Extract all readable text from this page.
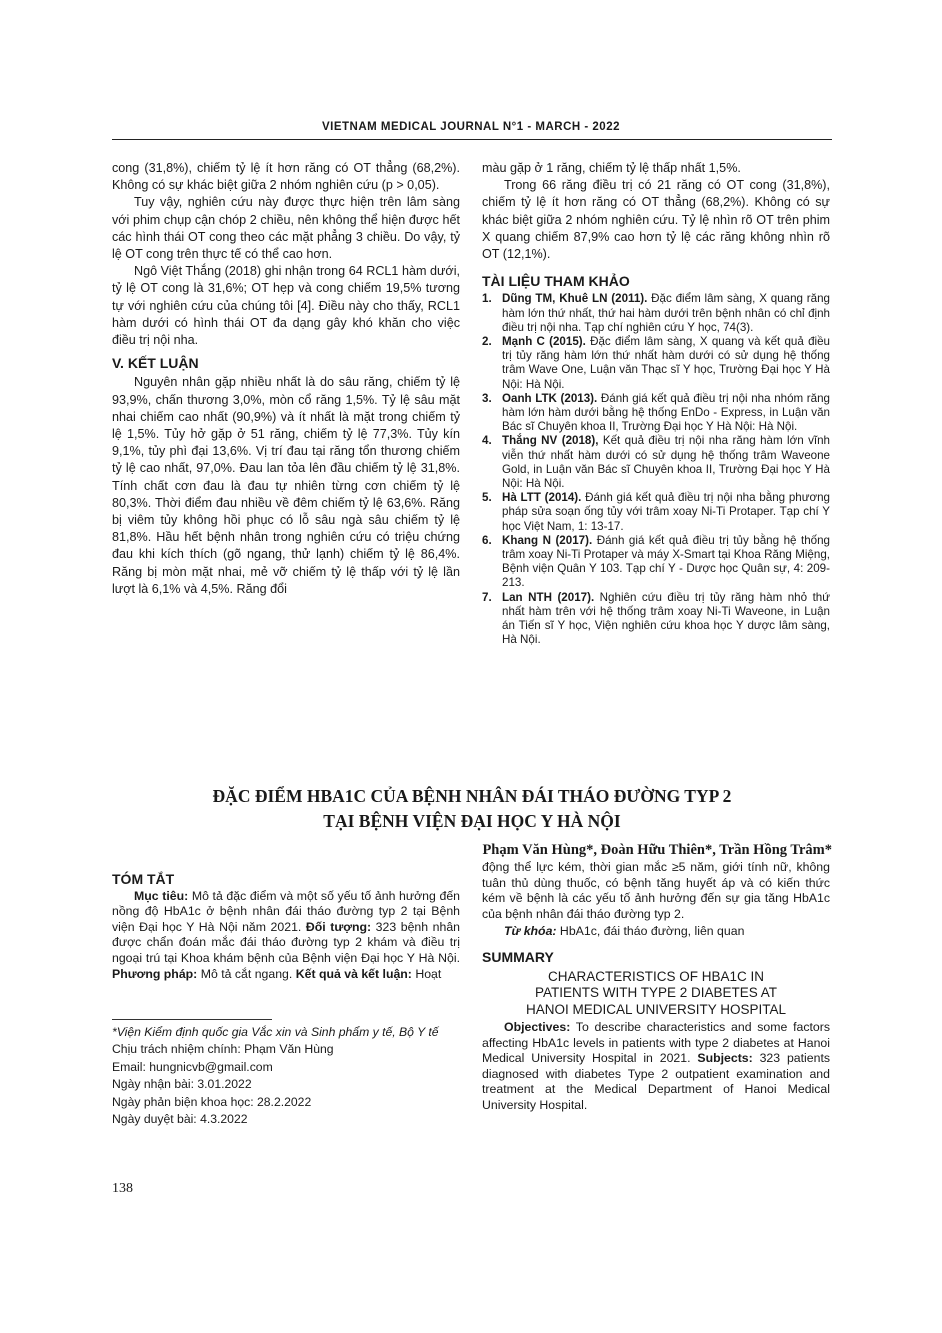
VIETNAM MEDICAL JOURNAL N°1 - MARCH - 2022

cong (31,8%), chiếm tỷ lệ ít hơn răng có OT thẳng (68,2%). Không có sự khác biệt giữa 2 nhóm nghiên cứu (p > 0,05).

Tuy vậy, nghiên cứu này được thực hiện trên lâm sàng với phim chụp cận chóp 2 chiều, nên không thể hiện được hết các hình thái OT cong theo các mặt phẳng 3 chiều. Do vậy, tỷ lệ OT cong trên thực tế có thể cao hơn.

Ngô Việt Thắng (2018) ghi nhận trong 64 RCL1 hàm dưới, tỷ lệ OT cong là 31,6%; OT hẹp và cong chiếm 19,5% tương tự với nghiên cứu của chúng tôi [4]. Điều này cho thấy, RCL1 hàm dưới có hình thái OT đa dạng gây khó khăn cho việc điều trị nội nha.

V. KẾT LUẬN

Nguyên nhân gặp nhiều nhất là do sâu răng, chiếm tỷ lệ 93,9%, chấn thương 3,0%, mòn cổ răng 1,5%. Tỷ lệ sâu mặt nhai chiếm cao nhất (90,9%) và ít nhất là mặt trong chiếm tỷ lệ 1,5%. Tủy hở gặp ở 51 răng, chiếm tỷ lệ 77,3%. Tủy kín 9,1%, tủy phì đại 13,6%. Vị trí đau tại răng tổn thương chiếm tỷ lệ cao nhất, 97,0%. Đau lan tỏa lên đầu chiếm tỷ lệ 31,8%. Tính chất cơn đau là đau tự nhiên từng cơn chiếm tỷ lệ 80,3%. Thời điểm đau nhiều về đêm chiếm tỷ lệ 63,6%. Răng bị viêm tủy không hồi phục có lỗ sâu ngà sâu chiếm tỷ lệ 81,8%. Hầu hết bệnh nhân trong nghiên cứu có triệu chứng đau khi kích thích (gõ ngang, thử lạnh) chiếm tỷ lệ 86,4%. Răng bị mòn mặt nhai, mẻ vỡ chiếm tỷ lệ thấp với tỷ lệ lần lượt là 6,1% và 4,5%. Răng đổi

màu gặp ở 1 răng, chiếm tỷ lệ thấp nhất 1,5%.

Trong 66 răng điều trị có 21 răng có OT cong (31,8%), chiếm tỷ lệ ít hơn răng có OT thẳng (68,2%). Không có sự khác biệt giữa 2 nhóm nghiên cứu. Tỷ lệ nhìn rõ OT trên phim X quang chiếm 87,9% cao hơn tỷ lệ các răng không nhìn rõ OT (12,1%).

TÀI LIỆU THAM KHẢO
1. Dũng TM, Khuê LN (2011). Đặc điểm lâm sàng, X quang răng hàm lớn thứ nhất, thứ hai hàm dưới trên bệnh nhân có chỉ định điều trị nội nha. Tạp chí nghiên cứu Y học, 74(3).
2. Mạnh C (2015). Đặc điểm lâm sàng, X quang và kết quả điều trị tủy răng hàm lớn thứ nhất hàm dưới có sử dụng hệ thống trâm Wave One, Luận văn Thạc sĩ Y học, Trường Đại học Y Hà Nội: Hà Nội.
3. Oanh LTK (2013). Đánh giá kết quả điều trị nội nha nhóm răng hàm lớn hàm dưới bằng hệ thống EnDo - Express, in Luận văn Bác sĩ Chuyên khoa II, Trường Đại học Y Hà Nội: Hà Nội.
4. Thắng NV (2018), Kết quả điều trị nội nha răng hàm lớn vĩnh viễn thứ nhất hàm dưới có sử dụng hệ thống trâm Waveone Gold, in Luận văn Bác sĩ Chuyên khoa II, Trường Đại học Y Hà Nội: Hà Nội.
5. Hà LTT (2014). Đánh giá kết quả điều trị nội nha bằng phương pháp sửa soạn ống tủy với trâm xoay Ni-Ti Protaper. Tạp chí Y học Việt Nam, 1: 13-17.
6. Khang N (2017). Đánh giá kết quả điều trị tủy bằng hệ thống trâm xoay Ni-Ti Protaper và máy X-Smart tại Khoa Răng Miệng, Bệnh viện Quân Y 103. Tạp chí Y - Dược học Quân sự, 4: 209-213.
7. Lan NTH (2017). Nghiên cứu điều trị tủy răng hàm nhỏ thứ nhất hàm trên với hệ thống trâm xoay Ni-Ti Waveone, in Luận án Tiến sĩ Y học, Viện nghiên cứu khoa học Y dược lâm sàng, Hà Nội.
ĐẶC ĐIỂM HBA1C CỦA BỆNH NHÂN ĐÁI THÁO ĐƯỜNG TYP 2
TẠI BỆNH VIỆN ĐẠI HỌC Y HÀ NỘI
Phạm Văn Hùng*, Đoàn Hữu Thiên*, Trần Hồng Trâm*
TÓM TẮT

Mục tiêu: Mô tả đặc điểm và một số yếu tố ảnh hưởng đến nồng độ HbA1c ở bệnh nhân đái tháo đường typ 2 tại Bệnh viện Đại học Y Hà Nội năm 2021. Đối tượng: 323 bệnh nhân được chẩn đoán mắc đái tháo đường typ 2 khám và điều trị ngoại trú tại Khoa khám bệnh của Bệnh viện Đại học Y Hà Nội. Phương pháp: Mô tả cắt ngang. Kết quả và kết luận: Hoạt

động thể lực kém, thời gian mắc ≥5 năm, giới tính nữ, không tuân thủ dùng thuốc, có bệnh tăng huyết áp và có kiến thức kém về bệnh là các yếu tố ảnh hưởng đến sự gia tăng HbA1c của bệnh nhân đái tháo đường typ 2.

Từ khóa: HbA1c, đái tháo đường, liên quan

SUMMARY
CHARACTERISTICS OF HBA1C IN
PATIENTS WITH TYPE 2 DIABETES AT
HANOI MEDICAL UNIVERSITY HOSPITAL

Objectives: To describe characteristics and some factors affecting HbA1c levels in patients with type 2 diabetes at Hanoi Medical University Hospital in 2021. Subjects: 323 patients diagnosed with diabetes Type 2 outpatient examination and treatment at the Medical Department of Hanoi Medical University Hospital.

*Viện Kiểm định quốc gia Vắc xin và Sinh phẩm y tế, Bộ Y tế

Chịu trách nhiệm chính: Phạm Văn Hùng

Email: hungnicvb@gmail.com

Ngày nhận bài: 3.01.2022

Ngày phản biện khoa học: 28.2.2022

Ngày duyệt bài: 4.3.2022

138
